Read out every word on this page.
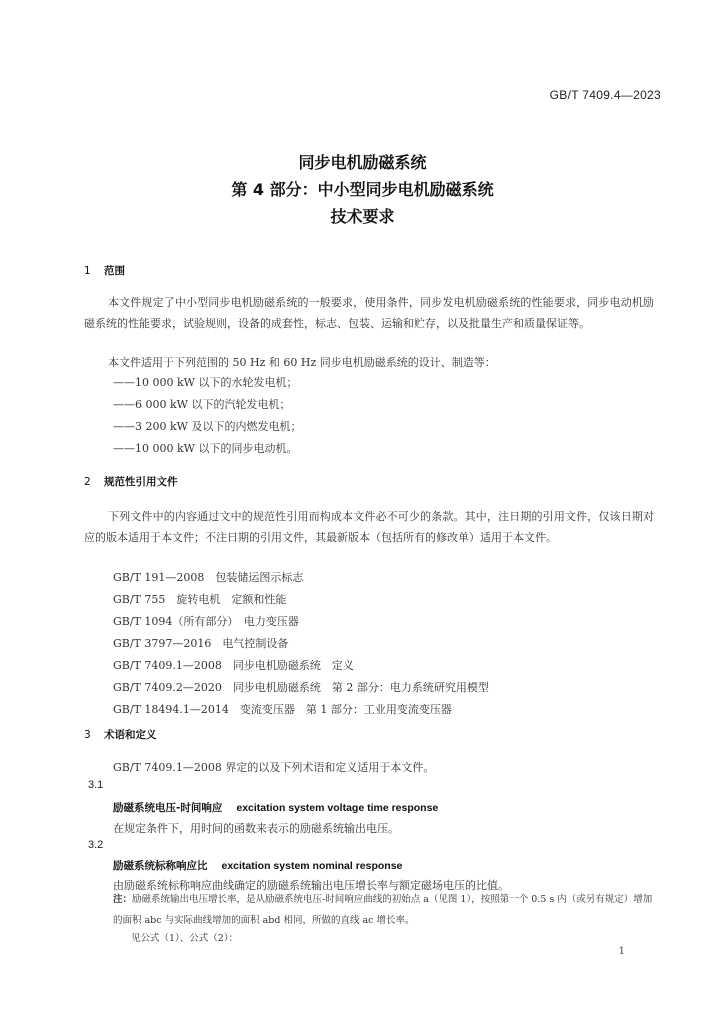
GB/T 7409.4—2023
同步电机励磁系统
第 4 部分：中小型同步电机励磁系统
技术要求
1 范围
本文件规定了中小型同步电机励磁系统的一般要求，使用条件，同步发电机励磁系统的性能要求，同步电动机励磁系统的性能要求，试验规则，设备的成套性，标志、包装、运输和贮存，以及批量生产和质量保证等。
本文件适用于下列范围的 50 Hz 和 60 Hz 同步电机励磁系统的设计、制造等：
——10 000 kW 以下的水轮发电机；
——6 000 kW 以下的汽轮发电机；
——3 200 kW 及以下的内燃发电机；
——10 000 kW 以下的同步电动机。
2 规范性引用文件
下列文件中的内容通过文中的规范性引用而构成本文件必不可少的条款。其中，注日期的引用文件，仅该日期对应的版本适用于本文件；不注日期的引用文件，其最新版本（包括所有的修改单）适用于本文件。
GB/T 191—2008　包装储运图示标志
GB/T 755　旋转电机　定额和性能
GB/T 1094（所有部分）　电力变压器
GB/T 3797—2016　电气控制设备
GB/T 7409.1—2008　同步电机励磁系统　定义
GB/T 7409.2—2020　同步电机励磁系统　第 2 部分：电力系统研究用模型
GB/T 18494.1—2014　变流变压器　第 1 部分：工业用变流变压器
3 术语和定义
GB/T 7409.1—2008 界定的以及下列术语和定义适用于本文件。
3.1
励磁系统电压-时间响应 excitation system voltage time response
在规定条件下，用时间的函数来表示的励磁系统输出电压。
3.2
励磁系统标称响应比 excitation system nominal response
由励磁系统标称响应曲线确定的励磁系统输出电压增长率与额定磁场电压的比值。
注：励磁系统输出电压增长率，是从励磁系统电压-时间响应曲线的初始点 a（见图 1），按照第一个 0.5 s 内（或另有规定）增加的面积 abc 与实际曲线增加的面积 abd 相同，所做的直线 ac 增长率。
见公式（1）、公式（2）：
1
